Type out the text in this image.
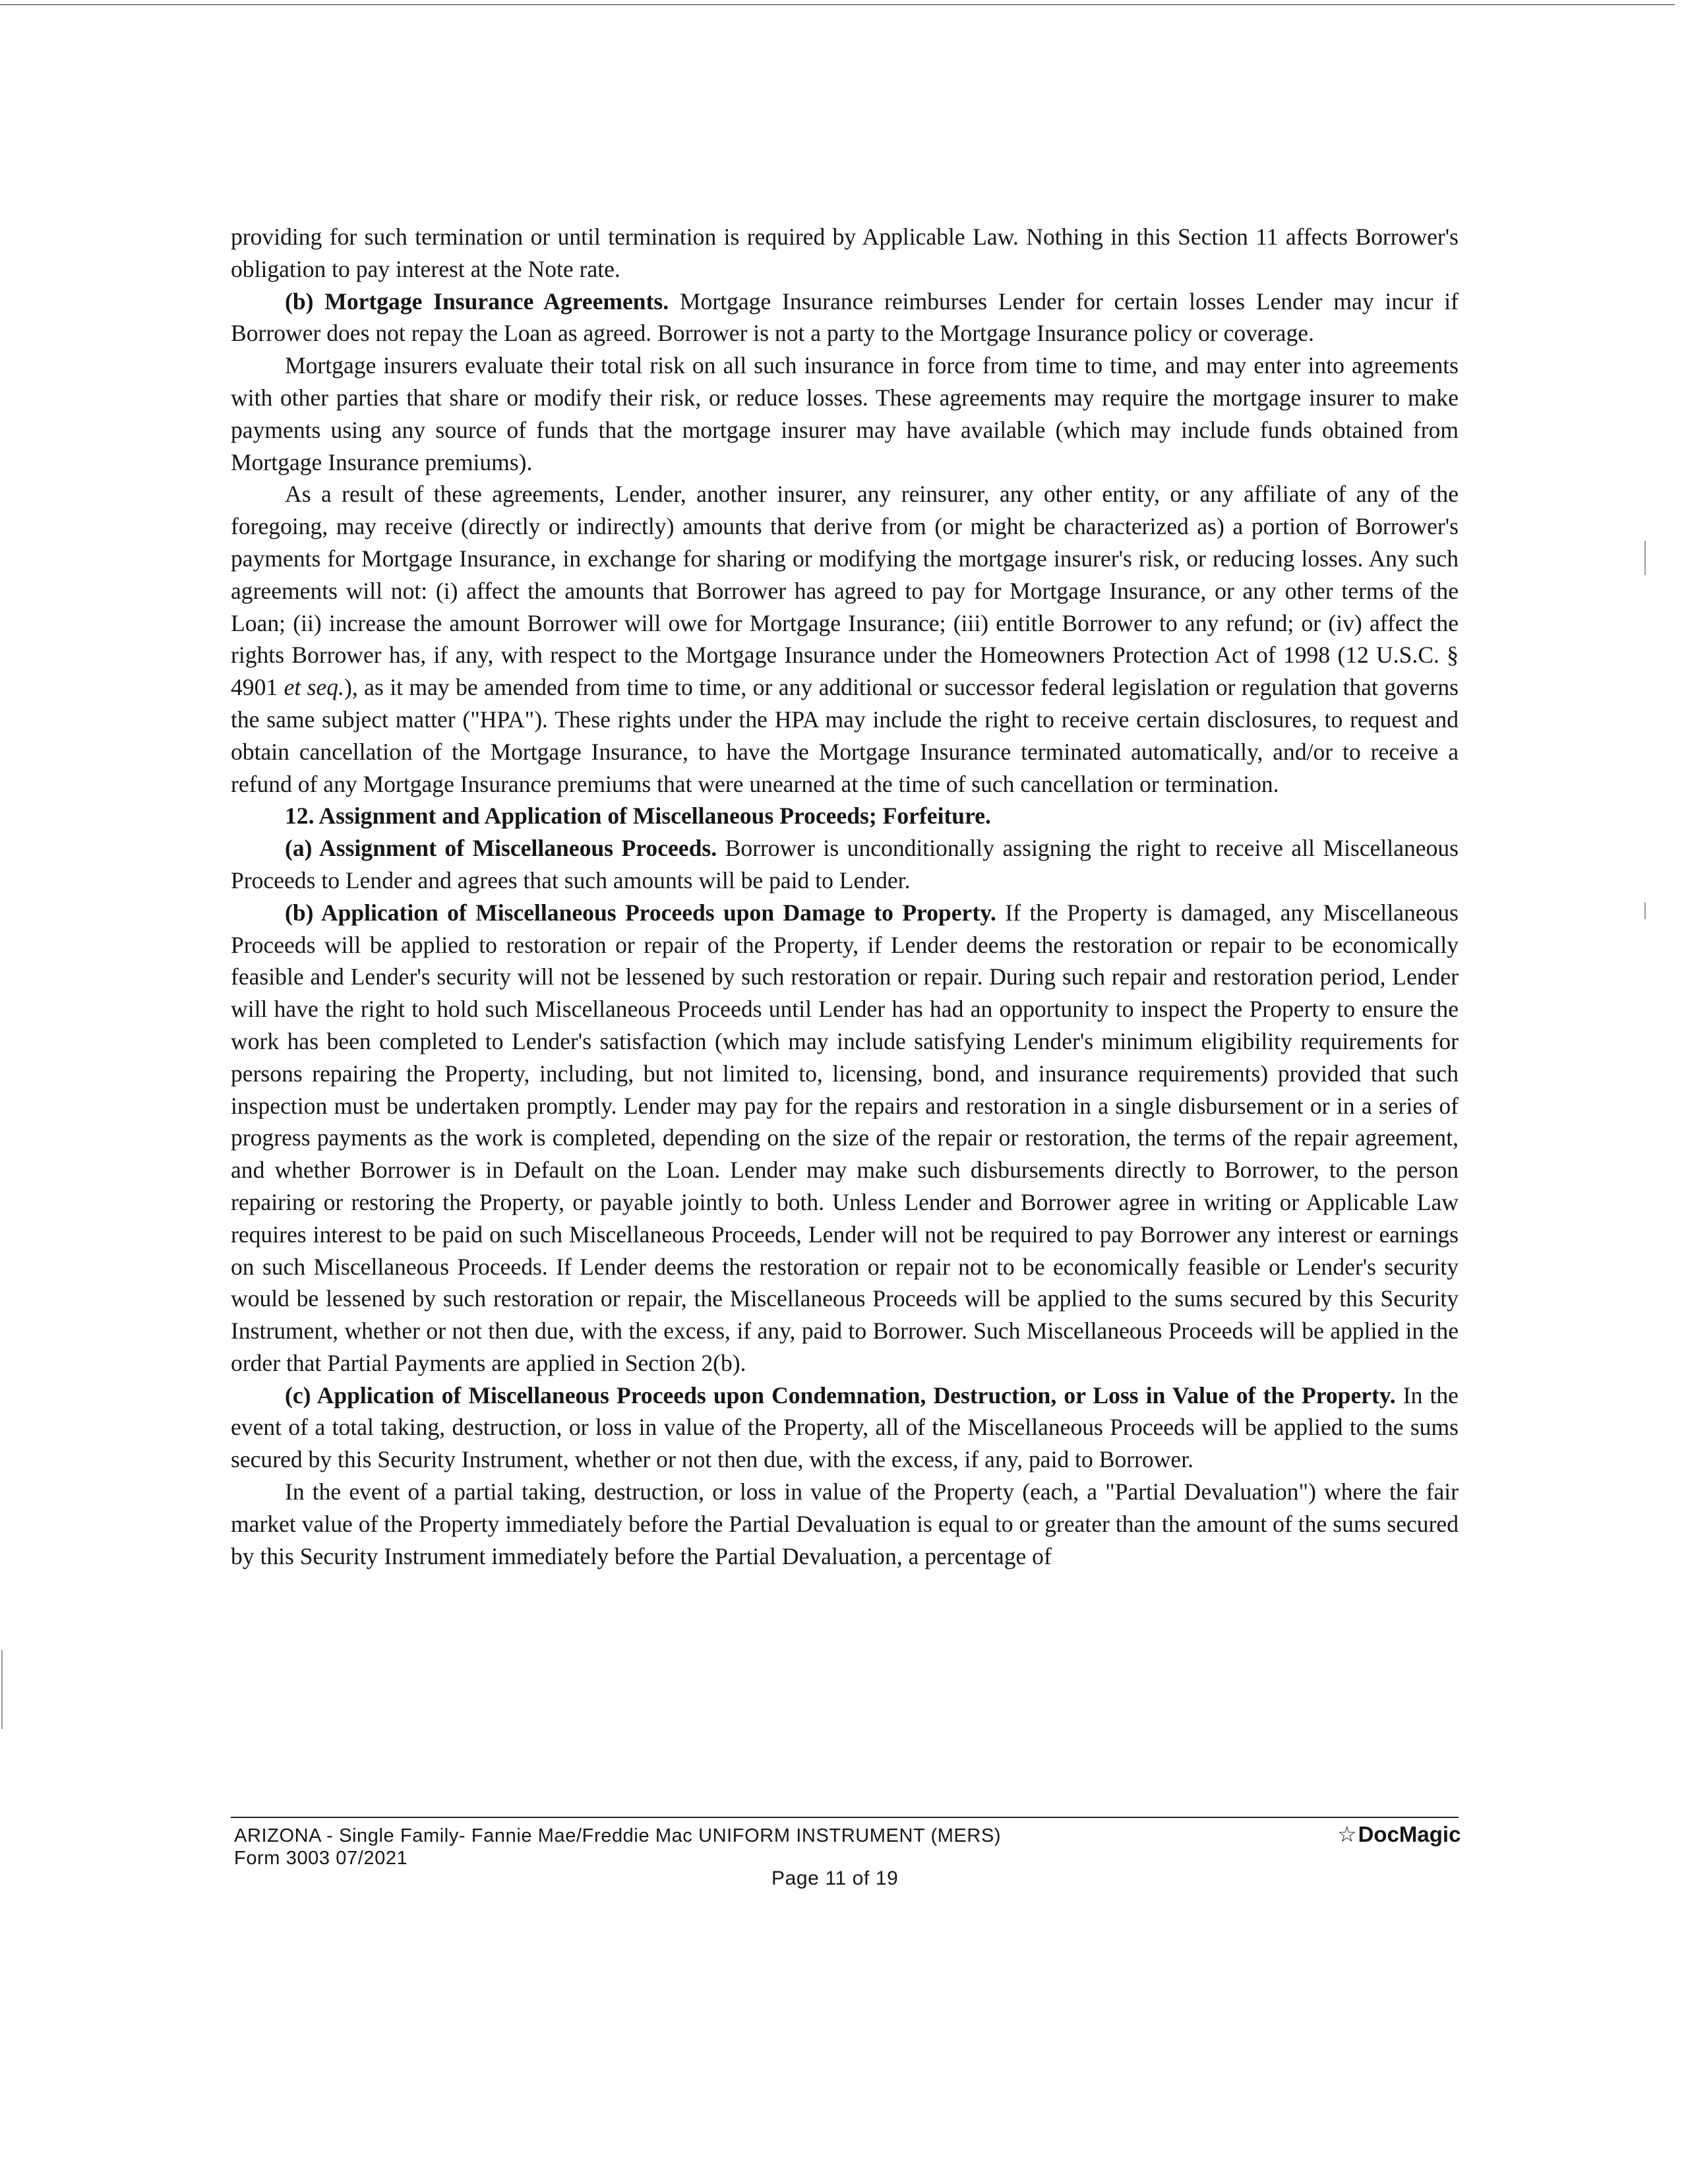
providing for such termination or until termination is required by Applicable Law. Nothing in this Section 11 affects Borrower's obligation to pay interest at the Note rate.

(b) Mortgage Insurance Agreements. Mortgage Insurance reimburses Lender for certain losses Lender may incur if Borrower does not repay the Loan as agreed. Borrower is not a party to the Mortgage Insurance policy or coverage.

Mortgage insurers evaluate their total risk on all such insurance in force from time to time, and may enter into agreements with other parties that share or modify their risk, or reduce losses. These agreements may require the mortgage insurer to make payments using any source of funds that the mortgage insurer may have available (which may include funds obtained from Mortgage Insurance premiums).

As a result of these agreements, Lender, another insurer, any reinsurer, any other entity, or any affiliate of any of the foregoing, may receive (directly or indirectly) amounts that derive from (or might be characterized as) a portion of Borrower's payments for Mortgage Insurance, in exchange for sharing or modifying the mortgage insurer's risk, or reducing losses. Any such agreements will not: (i) affect the amounts that Borrower has agreed to pay for Mortgage Insurance, or any other terms of the Loan; (ii) increase the amount Borrower will owe for Mortgage Insurance; (iii) entitle Borrower to any refund; or (iv) affect the rights Borrower has, if any, with respect to the Mortgage Insurance under the Homeowners Protection Act of 1998 (12 U.S.C. § 4901 et seq.), as it may be amended from time to time, or any additional or successor federal legislation or regulation that governs the same subject matter ("HPA"). These rights under the HPA may include the right to receive certain disclosures, to request and obtain cancellation of the Mortgage Insurance, to have the Mortgage Insurance terminated automatically, and/or to receive a refund of any Mortgage Insurance premiums that were unearned at the time of such cancellation or termination.

12. Assignment and Application of Miscellaneous Proceeds; Forfeiture.

(a) Assignment of Miscellaneous Proceeds. Borrower is unconditionally assigning the right to receive all Miscellaneous Proceeds to Lender and agrees that such amounts will be paid to Lender.

(b) Application of Miscellaneous Proceeds upon Damage to Property. If the Property is damaged, any Miscellaneous Proceeds will be applied to restoration or repair of the Property, if Lender deems the restoration or repair to be economically feasible and Lender's security will not be lessened by such restoration or repair. During such repair and restoration period, Lender will have the right to hold such Miscellaneous Proceeds until Lender has had an opportunity to inspect the Property to ensure the work has been completed to Lender's satisfaction (which may include satisfying Lender's minimum eligibility requirements for persons repairing the Property, including, but not limited to, licensing, bond, and insurance requirements) provided that such inspection must be undertaken promptly. Lender may pay for the repairs and restoration in a single disbursement or in a series of progress payments as the work is completed, depending on the size of the repair or restoration, the terms of the repair agreement, and whether Borrower is in Default on the Loan. Lender may make such disbursements directly to Borrower, to the person repairing or restoring the Property, or payable jointly to both. Unless Lender and Borrower agree in writing or Applicable Law requires interest to be paid on such Miscellaneous Proceeds, Lender will not be required to pay Borrower any interest or earnings on such Miscellaneous Proceeds. If Lender deems the restoration or repair not to be economically feasible or Lender's security would be lessened by such restoration or repair, the Miscellaneous Proceeds will be applied to the sums secured by this Security Instrument, whether or not then due, with the excess, if any, paid to Borrower. Such Miscellaneous Proceeds will be applied in the order that Partial Payments are applied in Section 2(b).

(c) Application of Miscellaneous Proceeds upon Condemnation, Destruction, or Loss in Value of the Property. In the event of a total taking, destruction, or loss in value of the Property, all of the Miscellaneous Proceeds will be applied to the sums secured by this Security Instrument, whether or not then due, with the excess, if any, paid to Borrower.

In the event of a partial taking, destruction, or loss in value of the Property (each, a "Partial Devaluation") where the fair market value of the Property immediately before the Partial Devaluation is equal to or greater than the amount of the sums secured by this Security Instrument immediately before the Partial Devaluation, a percentage of

ARIZONA - Single Family- Fannie Mae/Freddie Mac UNIFORM INSTRUMENT (MERS)
Form 3003 07/2021
Page 11 of 19
☆DocMagic
